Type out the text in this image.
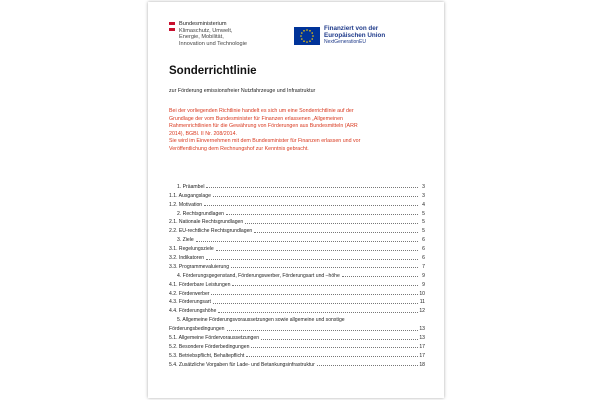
Bundesministerium
Klimaschutz, Umwelt,
Energie, Mobilität,
Innovation und Technologie
Finanziert von der
Europäischen Union
NextGenerationEU
Sonderrichtlinie
zur Förderung emissionsfreier Nutzfahrzeuge und Infrastruktur

Bei der vorliegenden Richtlinie handelt es sich um eine Sonderrichtlinie auf der

Grundlage der vom Bundesminister für Finanzen erlassenen „Allgemeinen

Rahmenrichtlinien für die Gewährung von Förderungen aus Bundesmitteln (ARR

2014), BGBl. II Nr. 208/2014.

Sie wird im Einvernehmen mit dem Bundesminister für Finanzen erlassen und vor

Veröffentlichung dem Rechnungshof zur Kenntnis gebracht.

1. Präambel	3
1.1. Ausgangslage	3
1.2. Motivation	4
2. Rechtsgrundlagen	5
2.1. Nationale Rechtsgrundlagen	5
2.2. EU-rechtliche Rechtsgrundlagen	5
3. Ziele	6
3.1. Regelungsziele	6
3.2. Indikatoren	6
3.3. Programmevaluierung	7
4. Förderungsgegenstand, Förderungswerber, Förderungsart und –höhe	9
4.1. Förderbare Leistungen	9
4.2. Förderwerber	10
4.3. Förderungsart	11
4.4. Förderungshöhe	12
5. Allgemeine Förderungsvoraussetzungen sowie allgemeine und sonstige
Förderungsbedingungen	13
5.1. Allgemeine Fördervoraussetzungen	13
5.2. Besondere Förderbedingungen	17
5.3. Betriebspflicht, Behaltepflicht	17
5.4. Zusätzliche Vorgaben für Lade- und Betankungsinfrastruktur	18
